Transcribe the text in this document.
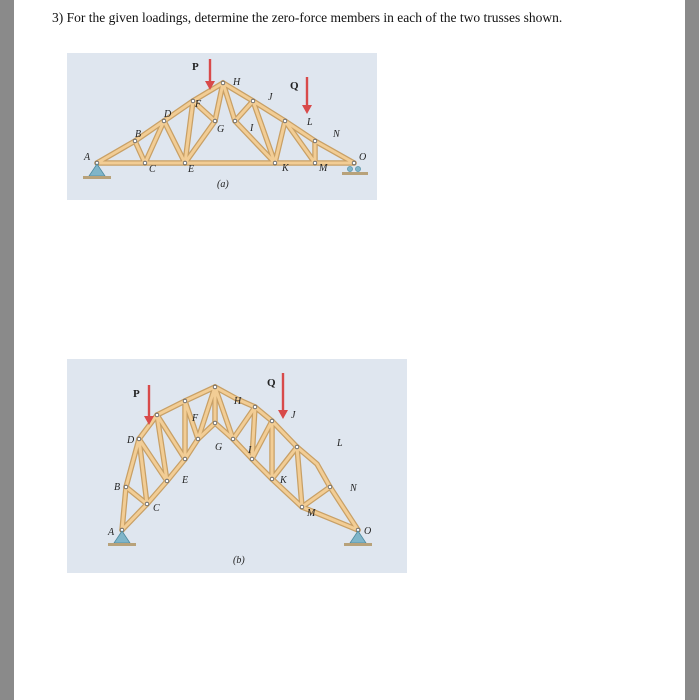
3) For the given loadings, determine the zero-force members in each of the two trusses shown.
P
Q
A
B
C
D
E
F
G
H
I
J
K
L
M
N
O
(a)
P
Q
A
B
C
D
E
F
G
H
I
J
K
L
M
N
O
(b)
